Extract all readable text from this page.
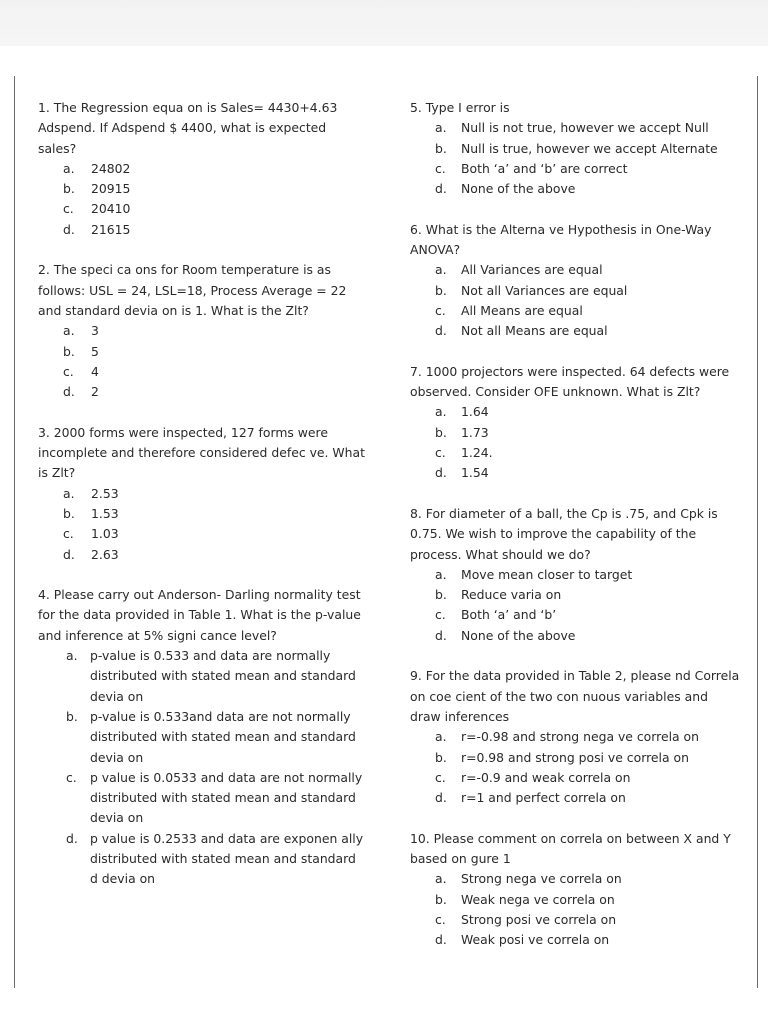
1. The Regression equa on is Sales= 4430+4.63 Adspend. If Adspend $ 4400, what is expected sales?

a.	24802
b.	20915
c.	20410
d.	21615

2. The speci ca ons for Room temperature is as follows: USL = 24, LSL=18, Process Average = 22 and standard devia on is 1. What is the Zlt?

a.	3
b.	5
c.	4
d.	2

3. 2000 forms were inspected, 127 forms were incomplete and therefore considered defec ve. What is Zlt?

a.	2.53
b.	1.53
c.	1.03
d.	2.63

4. Please carry out Anderson- Darling normality test for the data provided in Table 1. What is the p-value and inference at 5% signi cance level?

a.	p-value is 0.533 and data are normally distributed with stated mean and standard devia on
b. p-value is 0.533and data are not normally distributed with stated mean and standard devia on
c.	p value is 0.0533 and data are not normally distributed with stated mean and standard devia on
d. p value is 0.2533 and data are exponen ally distributed with stated mean and standard d devia on

5. Type I error is

a.	Null is not true, however we accept Null
b.	Null is true, however we accept Alternate
c.	Both ‘a’ and ‘b’ are correct
d.	None of the above

6. What is the Alterna ve Hypothesis in One-Way ANOVA?

a.	All Variances are equal
b.	Not all Variances are equal
c.	All Means are equal
d.	Not all Means are equal

7. 1000 projectors were inspected. 64 defects were observed. Consider OFE unknown. What is Zlt?

a.	1.64
b.	1.73
c.	1.24.
d.	1.54

8. For diameter of a ball, the Cp is .75, and Cpk is 0.75. We wish to improve the capability of the process. What should we do?

a.	Move mean closer to target
b.	Reduce varia on
c.	Both ‘a’ and ‘b’
d.	None of the above

9. For the data provided in Table 2, please nd Correla on coe cient of the two con nuous variables and draw inferences

a.	r=-0.98 and strong nega ve correla on
b.	r=0.98 and strong posi ve correla on
c.	r=-0.9 and weak correla on
d.	r=1 and perfect correla on

10. Please comment on correla on between X and Y based on gure 1

a.	Strong nega ve correla on
b.	Weak nega ve correla on
c.	Strong posi ve correla on
d.	Weak posi ve correla on
